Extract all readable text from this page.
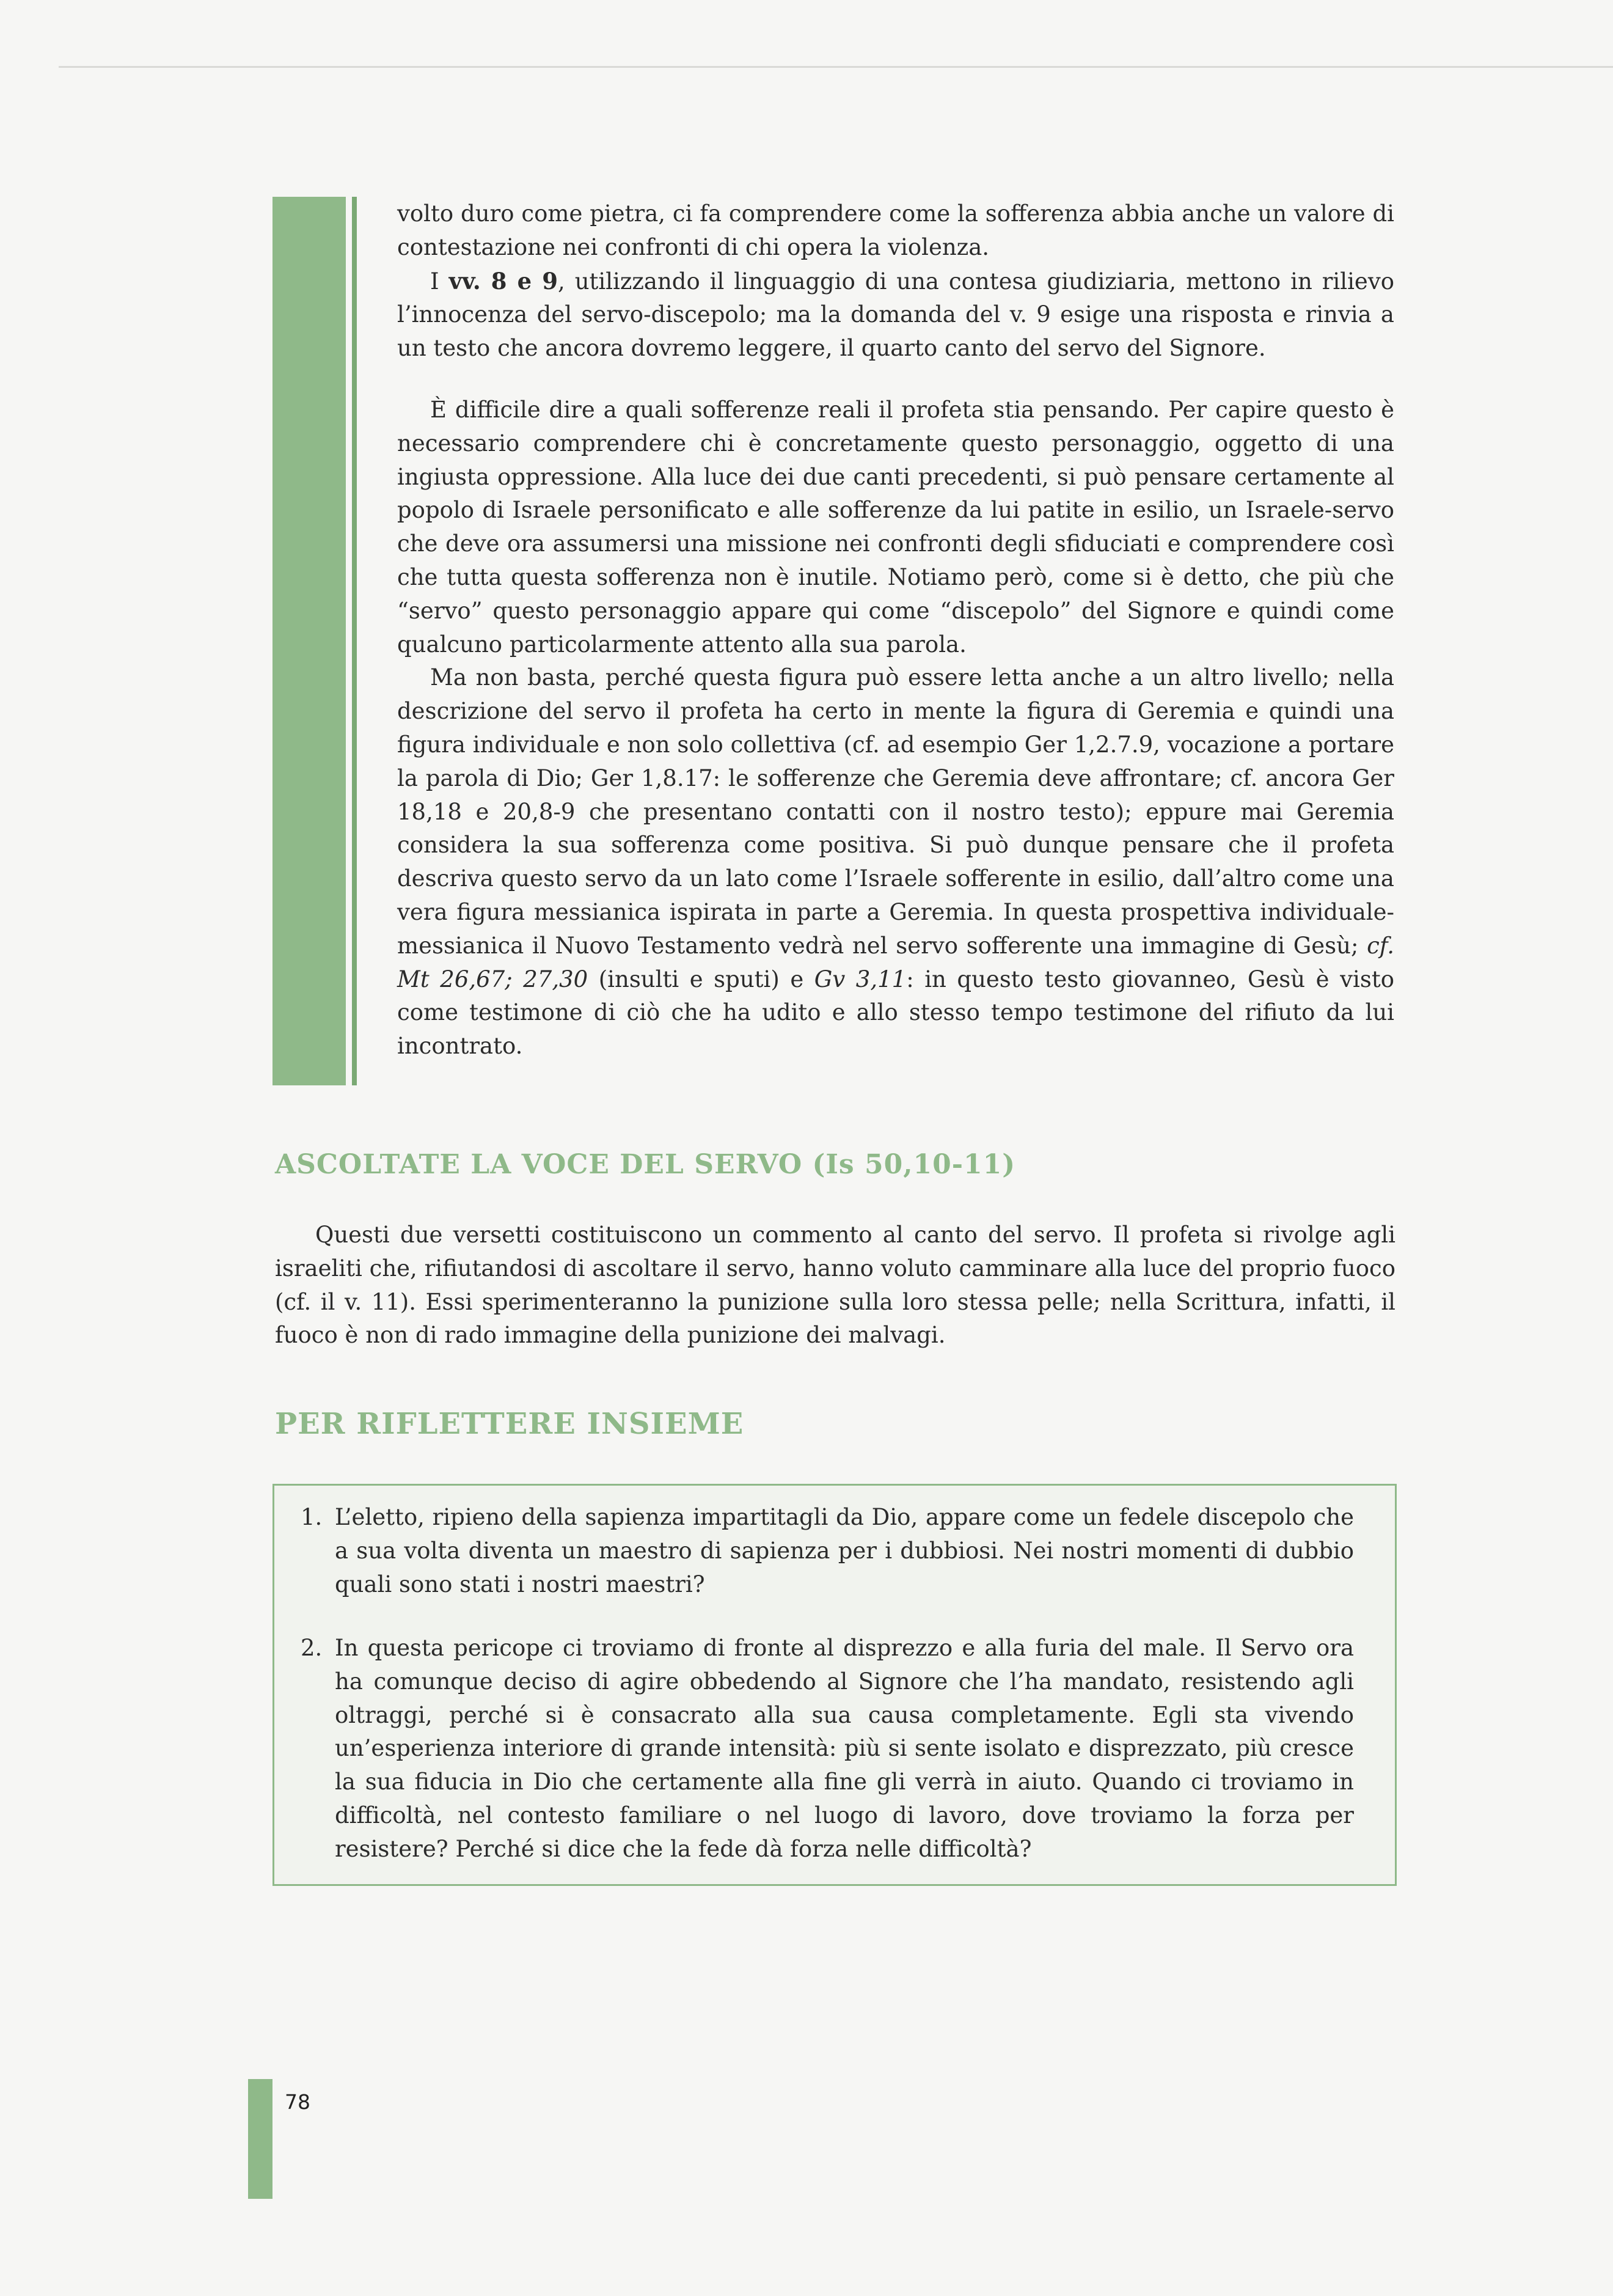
volto duro come pietra, ci fa comprendere come la sofferenza abbia anche un valore di contestazione nei confronti di chi opera la violenza.

I vv. 8 e 9, utilizzando il linguaggio di una contesa giudiziaria, mettono in rilievo l’innocenza del servo-discepolo; ma la domanda del v. 9 esige una risposta e rinvia a un testo che ancora dovremo leggere, il quarto canto del servo del Signore.

È difficile dire a quali sofferenze reali il profeta stia pensando. Per capire questo è necessario comprendere chi è concretamente questo personaggio, oggetto di una ingiusta oppressione. Alla luce dei due canti precedenti, si può pensare certamente al popolo di Israele personificato e alle sofferenze da lui patite in esilio, un Israele-servo che deve ora assumersi una missione nei confronti degli sfiduciati e comprendere così che tutta questa sofferenza non è inutile. Notiamo però, come si è detto, che più che “servo” questo personaggio appare qui come “discepolo” del Signore e quindi come qualcuno particolarmente attento alla sua parola.

Ma non basta, perché questa figura può essere letta anche a un altro livello; nella descrizione del servo il profeta ha certo in mente la figura di Geremia e quindi una figura individuale e non solo collettiva (cf. ad esempio Ger 1,2.7.9, vocazione a portare la parola di Dio; Ger 1,8.17: le sofferenze che Geremia deve affrontare; cf. ancora Ger 18,18 e 20,8-9 che presentano contatti con il nostro testo); eppure mai Geremia considera la sua sofferenza come positiva. Si può dunque pensare che il profeta descriva questo servo da un lato come l’Israele sofferente in esilio, dall’altro come una vera figura messianica ispirata in parte a Geremia. In questa prospettiva individuale-messianica il Nuovo Testamento vedrà nel servo sofferente una immagine di Gesù; cf. Mt 26,67; 27,30 (insulti e sputi) e Gv 3,11: in questo testo giovanneo, Gesù è visto come testimone di ciò che ha udito e allo stesso tempo testimone del rifiuto da lui incontrato.

ASCOLTATE LA VOCE DEL SERVO (Is 50,10-11)
Questi due versetti costituiscono un commento al canto del servo. Il profeta si rivolge agli israeliti che, rifiutandosi di ascoltare il servo, hanno voluto camminare alla luce del proprio fuoco (cf. il v. 11). Essi sperimenteranno la punizione sulla loro stessa pelle; nella Scrittura, infatti, il fuoco è non di rado immagine della punizione dei malvagi.
PER RIFLETTERE INSIEME
1. L’eletto, ripieno della sapienza impartitagli da Dio, appare come un fedele discepolo che a sua volta diventa un maestro di sapienza per i dubbiosi. Nei nostri momenti di dubbio quali sono stati i nostri maestri?
2. In questa pericope ci troviamo di fronte al disprezzo e alla furia del male. Il Servo ora ha comunque deciso di agire obbedendo al Signore che l’ha mandato, resistendo agli oltraggi, perché si è consacrato alla sua causa completamente. Egli sta vivendo un’esperienza interiore di grande intensità: più si sente isolato e disprezzato, più cresce la sua fiducia in Dio che certamente alla fine gli verrà in aiuto. Quando ci troviamo in difficoltà, nel contesto familiare o nel luogo di lavoro, dove troviamo la forza per resistere? Perché si dice che la fede dà forza nelle difficoltà?
78
